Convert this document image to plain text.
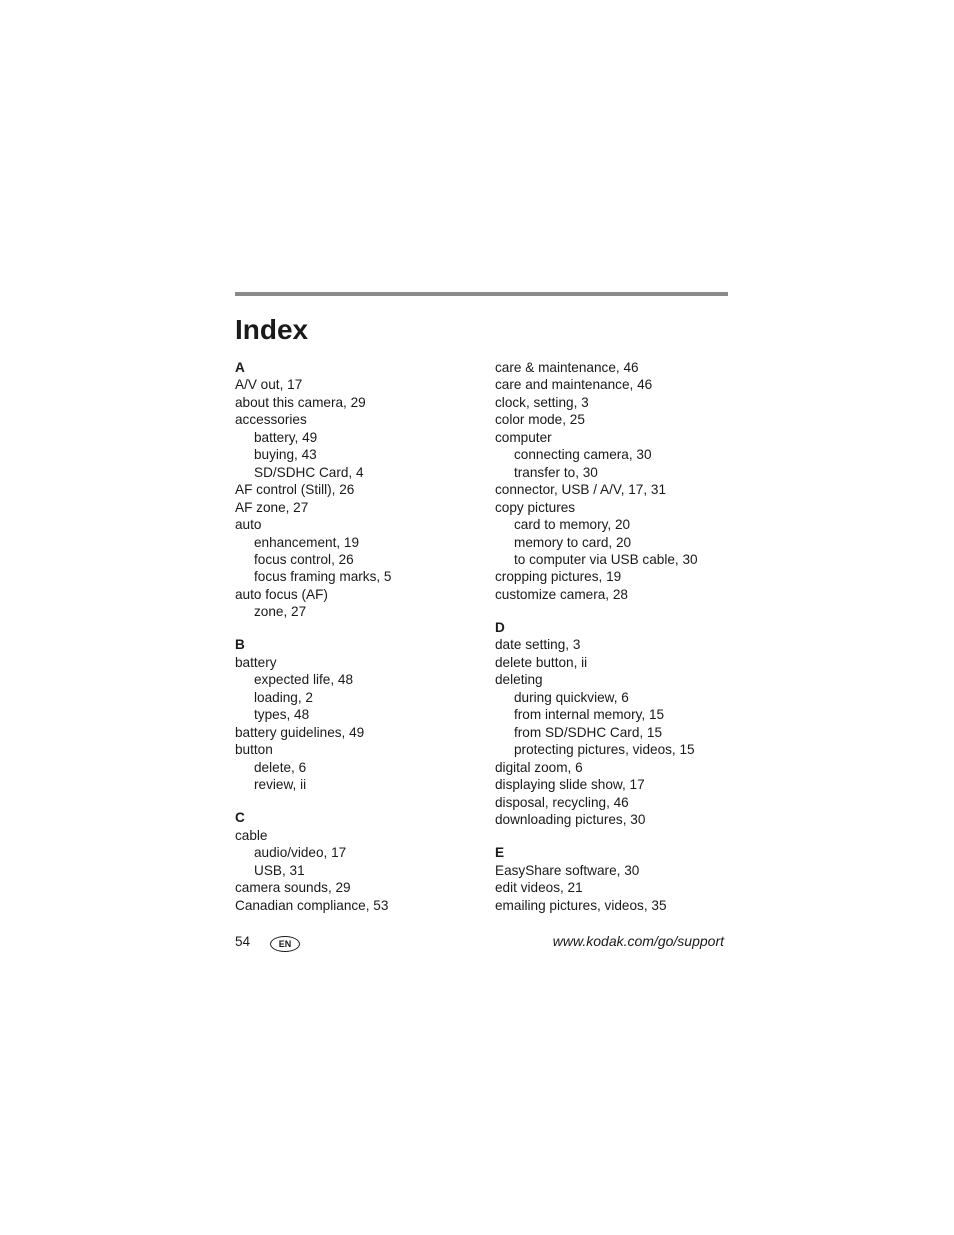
Index
A
A/V out, 17
about this camera, 29
accessories
battery, 49
buying, 43
SD/SDHC Card, 4
AF control (Still), 26
AF zone, 27
auto
enhancement, 19
focus control, 26
focus framing marks, 5
auto focus (AF)
zone, 27
B
battery
expected life, 48
loading, 2
types, 48
battery guidelines, 49
button
delete, 6
review, ii
C
cable
audio/video, 17
USB, 31
camera sounds, 29
Canadian compliance, 53
care & maintenance, 46
care and maintenance, 46
clock, setting, 3
color mode, 25
computer
connecting camera, 30
transfer to, 30
connector, USB / A/V, 17, 31
copy pictures
card to memory, 20
memory to card, 20
to computer via USB cable, 30
cropping pictures, 19
customize camera, 28
D
date setting, 3
delete button, ii
deleting
during quickview, 6
from internal memory, 15
from SD/SDHC Card, 15
protecting pictures, videos, 15
digital zoom, 6
displaying slide show, 17
disposal, recycling, 46
downloading pictures, 30
E
EasyShare software, 30
edit videos, 21
emailing pictures, videos, 35
54	EN	www.kodak.com/go/support
